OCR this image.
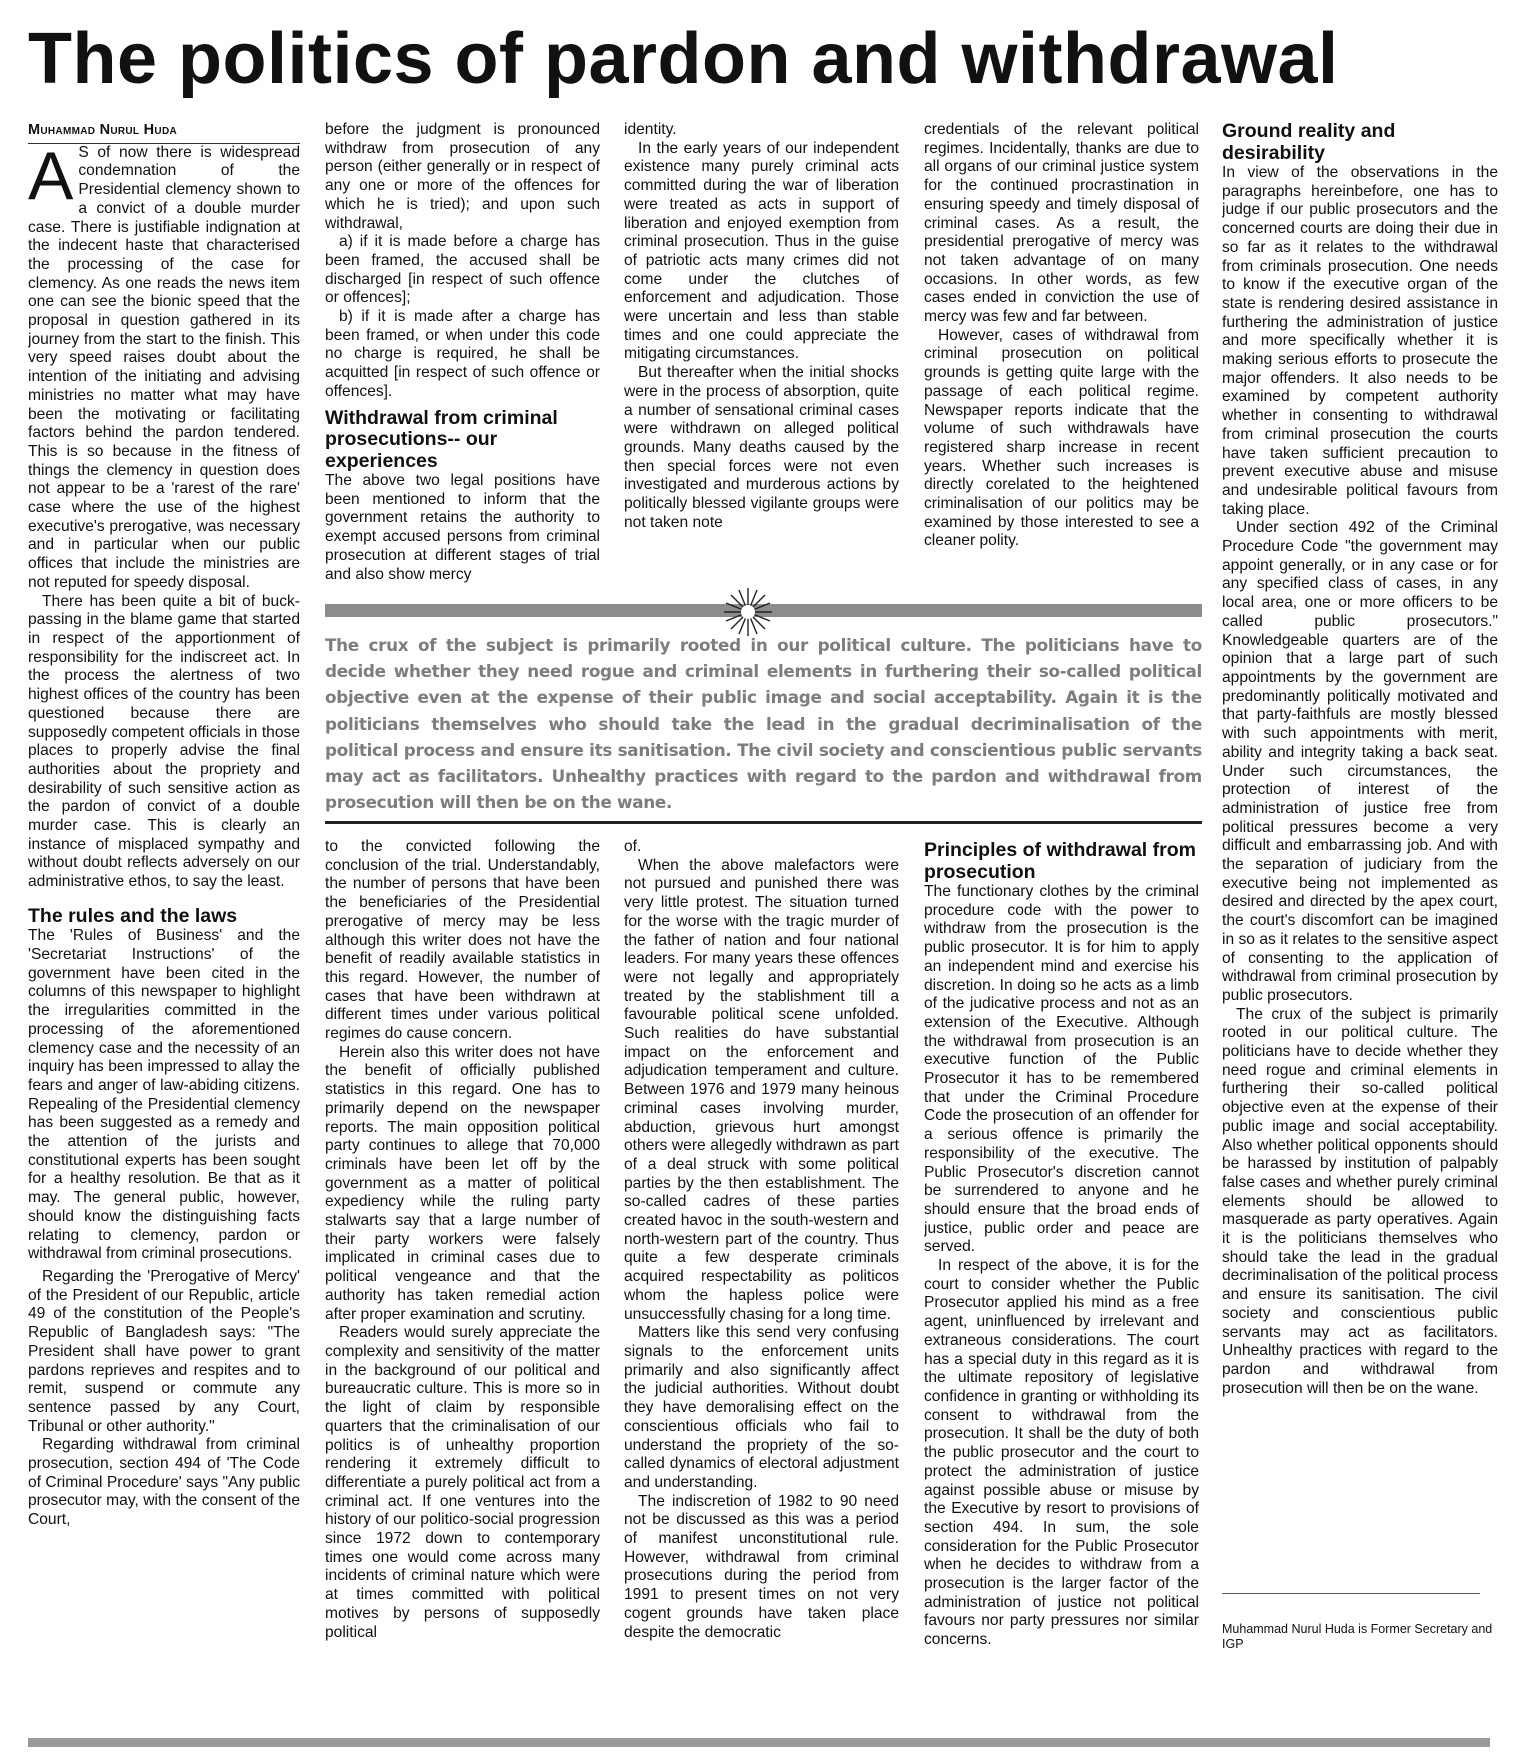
The politics of pardon and withdrawal

Muhammad Nurul Huda

A S of now there is widespread condemnation of the Presidential clemency shown to a convict of a double murder case. There is justifiable indignation at the indecent haste that characterised the processing of the case for clemency. As one reads the news item one can see the bionic speed that the proposal in question gathered in its journey from the start to the finish. This very speed raises doubt about the intention of the initiating and advising ministries no matter what may have been the motivating or facilitating factors behind the pardon tendered. This is so because in the fitness of things the clemency in question does not appear to be a 'rarest of the rare' case where the use of the highest executive's prerogative, was necessary and in particular when our public offices that include the ministries are not reputed for speedy disposal.

There has been quite a bit of buck-passing in the blame game that started in respect of the apportionment of responsibility for the indiscreet act. In the process the alertness of two highest offices of the country has been questioned because there are supposedly competent officials in those places to properly advise the final authorities about the propriety and desirability of such sensitive action as the pardon of convict of a double murder case. This is clearly an instance of misplaced sympathy and without doubt reflects adversely on our administrative ethos, to say the least.

The rules and the laws

The 'Rules of Business' and the 'Secretariat Instructions' of the government have been cited in the columns of this newspaper to highlight the irregularities committed in the processing of the aforementioned clemency case and the necessity of an inquiry has been impressed to allay the fears and anger of law-abiding citizens. Repealing of the Presidential clemency has been suggested as a remedy and the attention of the jurists and constitutional experts has been sought for a healthy resolution. Be that as it may. The general public, however, should know the distinguishing facts relating to clemency, pardon or withdrawal from criminal prosecutions.

Regarding the 'Prerogative of Mercy' of the President of our Republic, article 49 of the constitution of the People's Republic of Bangladesh says: "The President shall have power to grant pardons reprieves and respites and to remit, suspend or commute any sentence passed by any Court, Tribunal or other authority."

Regarding withdrawal from criminal prosecution, section 494 of 'The Code of Criminal Procedure' says "Any public prosecutor may, with the consent of the Court,

before the judgment is pronounced withdraw from prosecution of any person (either generally or in respect of any one or more of the offences for which he is tried); and upon such withdrawal,

a) if it is made before a charge has been framed, the accused shall be discharged [in respect of such offence or offences];

b) if it is made after a charge has been framed, or when under this code no charge is required, he shall be acquitted [in respect of such offence or offences].

Withdrawal from criminal prosecutions-- our experiences

The above two legal positions have been mentioned to inform that the government retains the authority to exempt accused persons from criminal prosecution at different stages of trial and also show mercy

identity.

In the early years of our independent existence many purely criminal acts committed during the war of liberation were treated as acts in support of liberation and enjoyed exemption from criminal prosecution. Thus in the guise of patriotic acts many crimes did not come under the clutches of enforcement and adjudication. Those were uncertain and less than stable times and one could appreciate the mitigating circumstances.

But thereafter when the initial shocks were in the process of absorption, quite a number of sensational criminal cases were withdrawn on alleged political grounds. Many deaths caused by the then special forces were not even investigated and murderous actions by politically blessed vigilante groups were not taken note

credentials of the relevant political regimes. Incidentally, thanks are due to all organs of our criminal justice system for the continued procrastination in ensuring speedy and timely disposal of criminal cases. As a result, the presidential prerogative of mercy was not taken advantage of on many occasions. In other words, as few cases ended in conviction the use of mercy was few and far between.

However, cases of withdrawal from criminal prosecution on political grounds is getting quite large with the passage of each political regime. Newspaper reports indicate that the volume of such withdrawals have registered sharp increase in recent years. Whether such increases is directly corelated to the heightened criminalisation of our politics may be examined by those interested to see a cleaner polity.

The crux of the subject is primarily rooted in our political culture. The politicians have to decide whether they need rogue and criminal elements in furthering their so-called political objective even at the expense of their public image and social acceptability. Again it is the politicians themselves who should take the lead in the gradual decriminalisation of the political process and ensure its sanitisation. The civil society and conscientious public servants may act as facilitators. Unhealthy practices with regard to the pardon and withdrawal from prosecution will then be on the wane.

to the convicted following the conclusion of the trial. Understandably, the number of persons that have been the beneficiaries of the Presidential prerogative of mercy may be less although this writer does not have the benefit of readily available statistics in this regard. However, the number of cases that have been withdrawn at different times under various political regimes do cause concern.

Herein also this writer does not have the benefit of officially published statistics in this regard. One has to primarily depend on the newspaper reports. The main opposition political party continues to allege that 70,000 criminals have been let off by the government as a matter of political expediency while the ruling party stalwarts say that a large number of their party workers were falsely implicated in criminal cases due to political vengeance and that the authority has taken remedial action after proper examination and scrutiny.

Readers would surely appreciate the complexity and sensitivity of the matter in the background of our political and bureaucratic culture. This is more so in the light of claim by responsible quarters that the criminalisation of our politics is of unhealthy proportion rendering it extremely difficult to differentiate a purely political act from a criminal act. If one ventures into the history of our politico-social progression since 1972 down to contemporary times one would come across many incidents of criminal nature which were at times committed with political motives by persons of supposedly political

of.

When the above malefactors were not pursued and punished there was very little protest. The situation turned for the worse with the tragic murder of the father of nation and four national leaders. For many years these offences were not legally and appropriately treated by the stablishment till a favourable political scene unfolded. Such realities do have substantial impact on the enforcement and adjudication temperament and culture. Between 1976 and 1979 many heinous criminal cases involving murder, abduction, grievous hurt amongst others were allegedly withdrawn as part of a deal struck with some political parties by the then establishment. The so-called cadres of these parties created havoc in the south-western and north-western part of the country. Thus quite a few desperate criminals acquired respectability as politicos whom the hapless police were unsuccessfully chasing for a long time.

Matters like this send very confusing signals to the enforcement units primarily and also significantly affect the judicial authorities. Without doubt they have demoralising effect on the conscientious officials who fail to understand the propriety of the so-called dynamics of electoral adjustment and understanding.

The indiscretion of 1982 to 90 need not be discussed as this was a period of manifest unconstitutional rule. However, withdrawal from criminal prosecutions during the period from 1991 to present times on not very cogent grounds have taken place despite the democratic

Principles of withdrawal from prosecution

The functionary clothes by the criminal procedure code with the power to withdraw from the prosecution is the public prosecutor. It is for him to apply an independent mind and exercise his discretion. In doing so he acts as a limb of the judicative process and not as an extension of the Executive. Although the withdrawal from prosecution is an executive function of the Public Prosecutor it has to be remembered that under the Criminal Procedure Code the prosecution of an offender for a serious offence is primarily the responsibility of the executive. The Public Prosecutor's discretion cannot be surrendered to anyone and he should ensure that the broad ends of justice, public order and peace are served.

In respect of the above, it is for the court to consider whether the Public Prosecutor applied his mind as a free agent, uninfluenced by irrelevant and extraneous considerations. The court has a special duty in this regard as it is the ultimate repository of legislative confidence in granting or withholding its consent to withdrawal from the prosecution. It shall be the duty of both the public prosecutor and the court to protect the administration of justice against possible abuse or misuse by the Executive by resort to provisions of section 494. In sum, the sole consideration for the Public Prosecutor when he decides to withdraw from a prosecution is the larger factor of the administration of justice not political favours nor party pressures nor similar concerns.

Ground reality and desirability

In view of the observations in the paragraphs hereinbefore, one has to judge if our public prosecutors and the concerned courts are doing their due in so far as it relates to the withdrawal from criminals prosecution. One needs to know if the executive organ of the state is rendering desired assistance in furthering the administration of justice and more specifically whether it is making serious efforts to prosecute the major offenders. It also needs to be examined by competent authority whether in consenting to withdrawal from criminal prosecution the courts have taken sufficient precaution to prevent executive abuse and misuse and undesirable political favours from taking place.

Under section 492 of the Criminal Procedure Code "the government may appoint generally, or in any case or for any specified class of cases, in any local area, one or more officers to be called public prosecutors." Knowledgeable quarters are of the opinion that a large part of such appointments by the government are predominantly politically motivated and that party-faithfuls are mostly blessed with such appointments with merit, ability and integrity taking a back seat. Under such circumstances, the protection of interest of the administration of justice free from political pressures become a very difficult and embarrassing job. And with the separation of judiciary from the executive being not implemented as desired and directed by the apex court, the court's discomfort can be imagined in so as it relates to the sensitive aspect of consenting to the application of withdrawal from criminal prosecution by public prosecutors.

The crux of the subject is primarily rooted in our political culture. The politicians have to decide whether they need rogue and criminal elements in furthering their so-called political objective even at the expense of their public image and social acceptability. Also whether political opponents should be harassed by institution of palpably false cases and whether purely criminal elements should be allowed to masquerade as party operatives. Again it is the politicians themselves who should take the lead in the gradual decriminalisation of the political process and ensure its sanitisation. The civil society and conscientious public servants may act as facilitators. Unhealthy practices with regard to the pardon and withdrawal from prosecution will then be on the wane.

Muhammad Nurul Huda is Former Secretary and IGP
